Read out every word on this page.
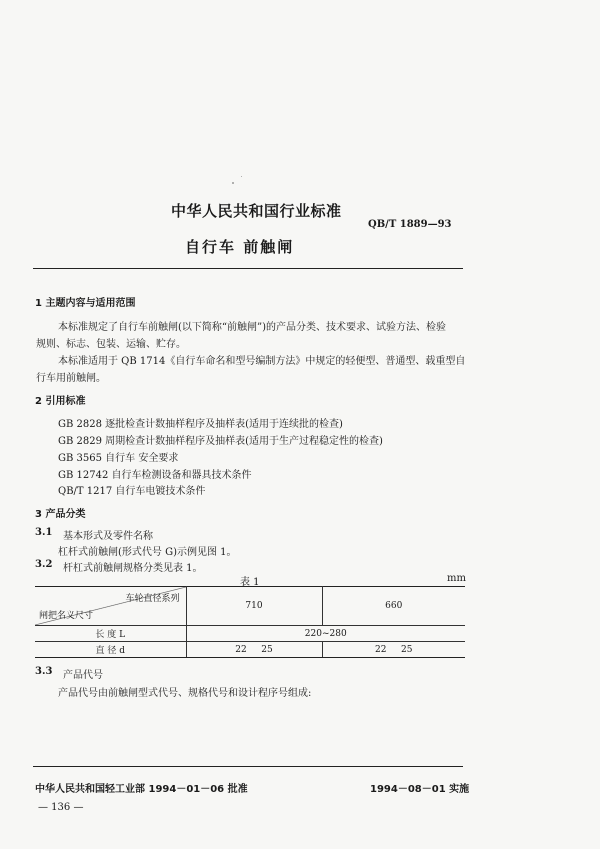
中华人民共和国行业标准
QB/T 1889—93
自行车 前触闸
1 主题内容与适用范围
本标准规定了自行车前触闸(以下简称“前触闸”)的产品分类、技术要求、试验方法、检验
规则、标志、包装、运输、贮存。
本标准适用于 QB 1714《自行车命名和型号编制方法》中规定的轻便型、普通型、载重型自
行车用前触闸。
2 引用标准
GB 2828 逐批检查计数抽样程序及抽样表(适用于连续批的检查)
GB 2829 周期检查计数抽样程序及抽样表(适用于生产过程稳定性的检查)
GB 3565 自行车 安全要求
GB 12742 自行车检测设备和器具技术条件
QB/T 1217 自行车电镀技术条件
3 产品分类
3.1 基本形式及零件名称
杠杆式前触闸(形式代号 G)示例见图 1。
3.2 杆杠式前触闸规格分类见表 1。
表 1	mm
车轮直径系列
闸把名义尺寸	710	660
长 度 L	220~280	
直 径 d	22 25	22 25
3.3 产品代号
产品代号由前触闸型式代号、规格代号和设计程序号组成:
中华人民共和国轻工业部 1994－01－06 批准	1994－08－01 实施
— 136 —
